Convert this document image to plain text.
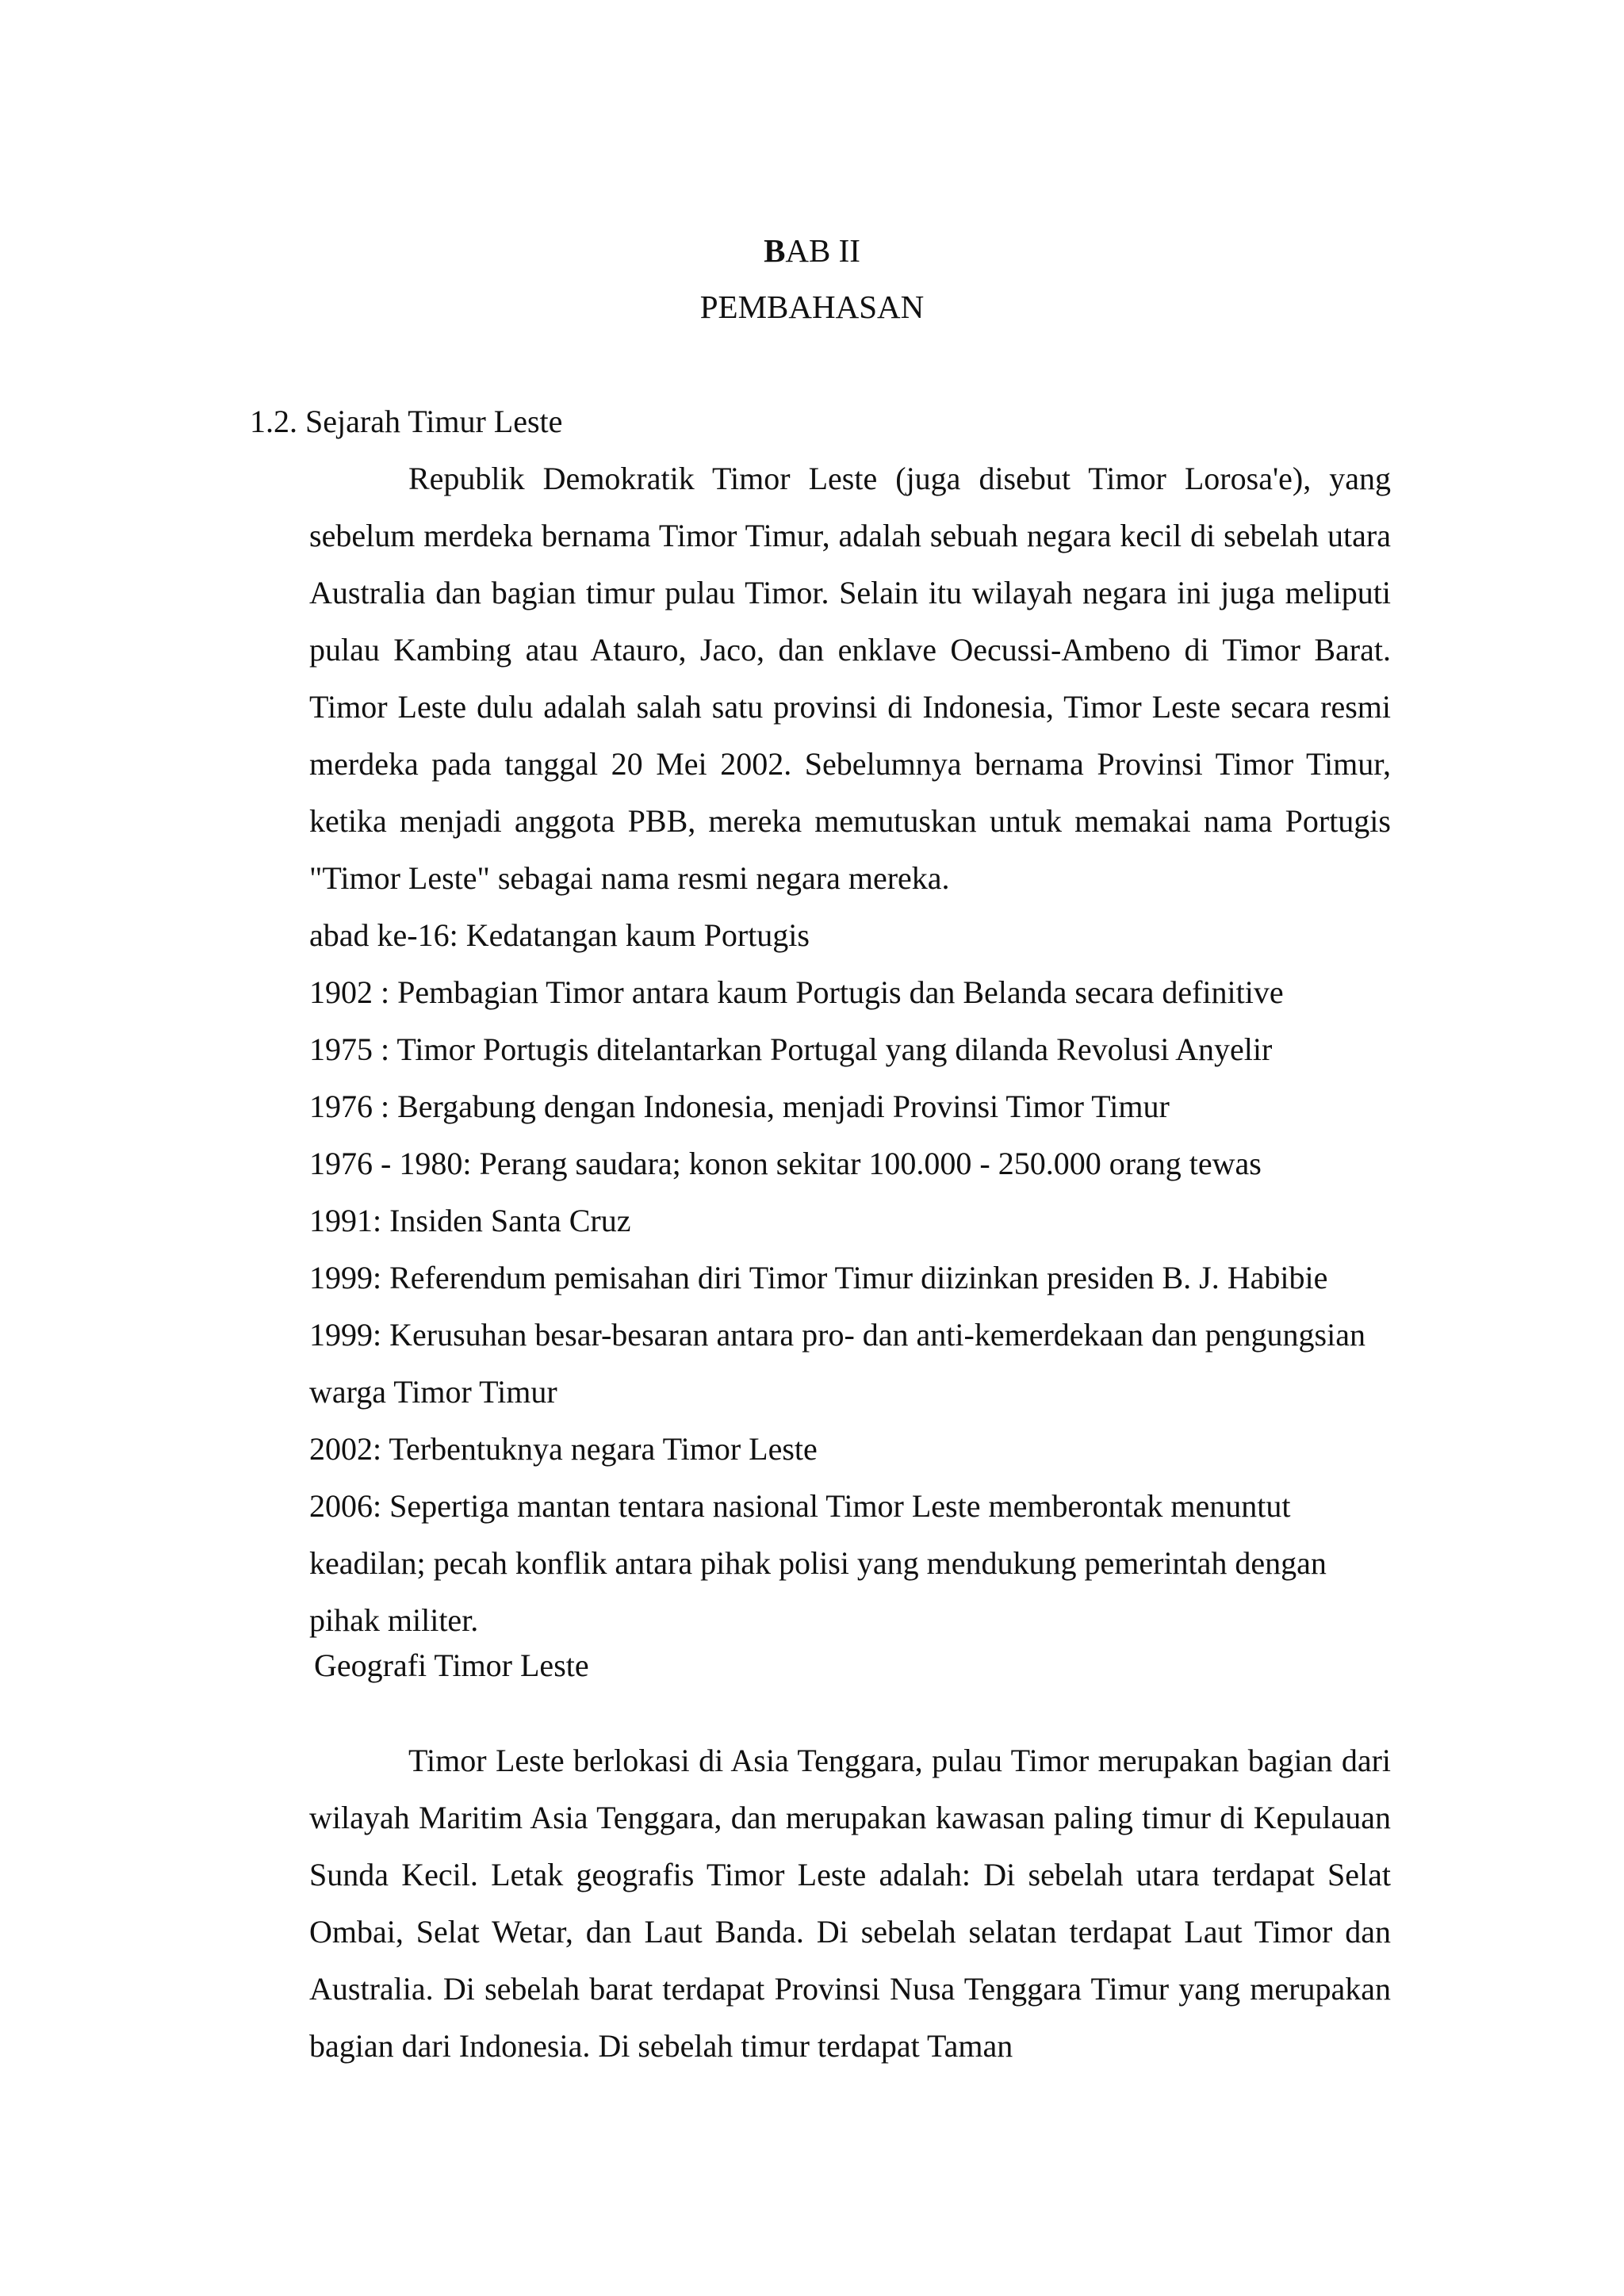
BAB II
PEMBAHASAN
1.2. Sejarah Timur Leste

Republik Demokratik Timor Leste (juga disebut Timor Lorosa'e), yang sebelum merdeka bernama Timor Timur, adalah sebuah negara kecil di sebelah utara Australia dan bagian timur pulau Timor. Selain itu wilayah negara ini juga meliputi pulau Kambing atau Atauro, Jaco, dan enklave Oecussi-Ambeno di Timor Barat. Timor Leste dulu adalah salah satu provinsi di Indonesia, Timor Leste secara resmi merdeka pada tanggal 20 Mei 2002. Sebelumnya bernama Provinsi Timor Timur, ketika menjadi anggota PBB, mereka memutuskan untuk memakai nama Portugis "Timor Leste" sebagai nama resmi negara mereka.

abad ke-16: Kedatangan kaum Portugis
1902 : Pembagian Timor antara kaum Portugis dan Belanda secara definitive
1975 : Timor Portugis ditelantarkan Portugal yang dilanda Revolusi Anyelir
1976 : Bergabung dengan Indonesia, menjadi Provinsi Timor Timur
1976 - 1980: Perang saudara; konon sekitar 100.000 - 250.000 orang tewas
1991: Insiden Santa Cruz
1999: Referendum pemisahan diri Timor Timur diizinkan presiden B. J. Habibie
1999: Kerusuhan besar-besaran antara pro- dan anti-kemerdekaan dan pengungsian warga Timor Timur
2002: Terbentuknya negara Timor Leste
2006: Sepertiga mantan tentara nasional Timor Leste memberontak menuntut keadilan; pecah konflik antara pihak polisi yang mendukung pemerintah dengan pihak militer.
Geografi Timor Leste

Timor Leste berlokasi di Asia Tenggara, pulau Timor merupakan bagian dari wilayah Maritim Asia Tenggara, dan merupakan kawasan paling timur di Kepulauan Sunda Kecil. Letak geografis Timor Leste adalah: Di sebelah utara terdapat Selat Ombai, Selat Wetar, dan Laut Banda. Di sebelah selatan terdapat Laut Timor dan Australia. Di sebelah barat terdapat Provinsi Nusa Tenggara Timur yang merupakan bagian dari Indonesia. Di sebelah timur terdapat Taman
